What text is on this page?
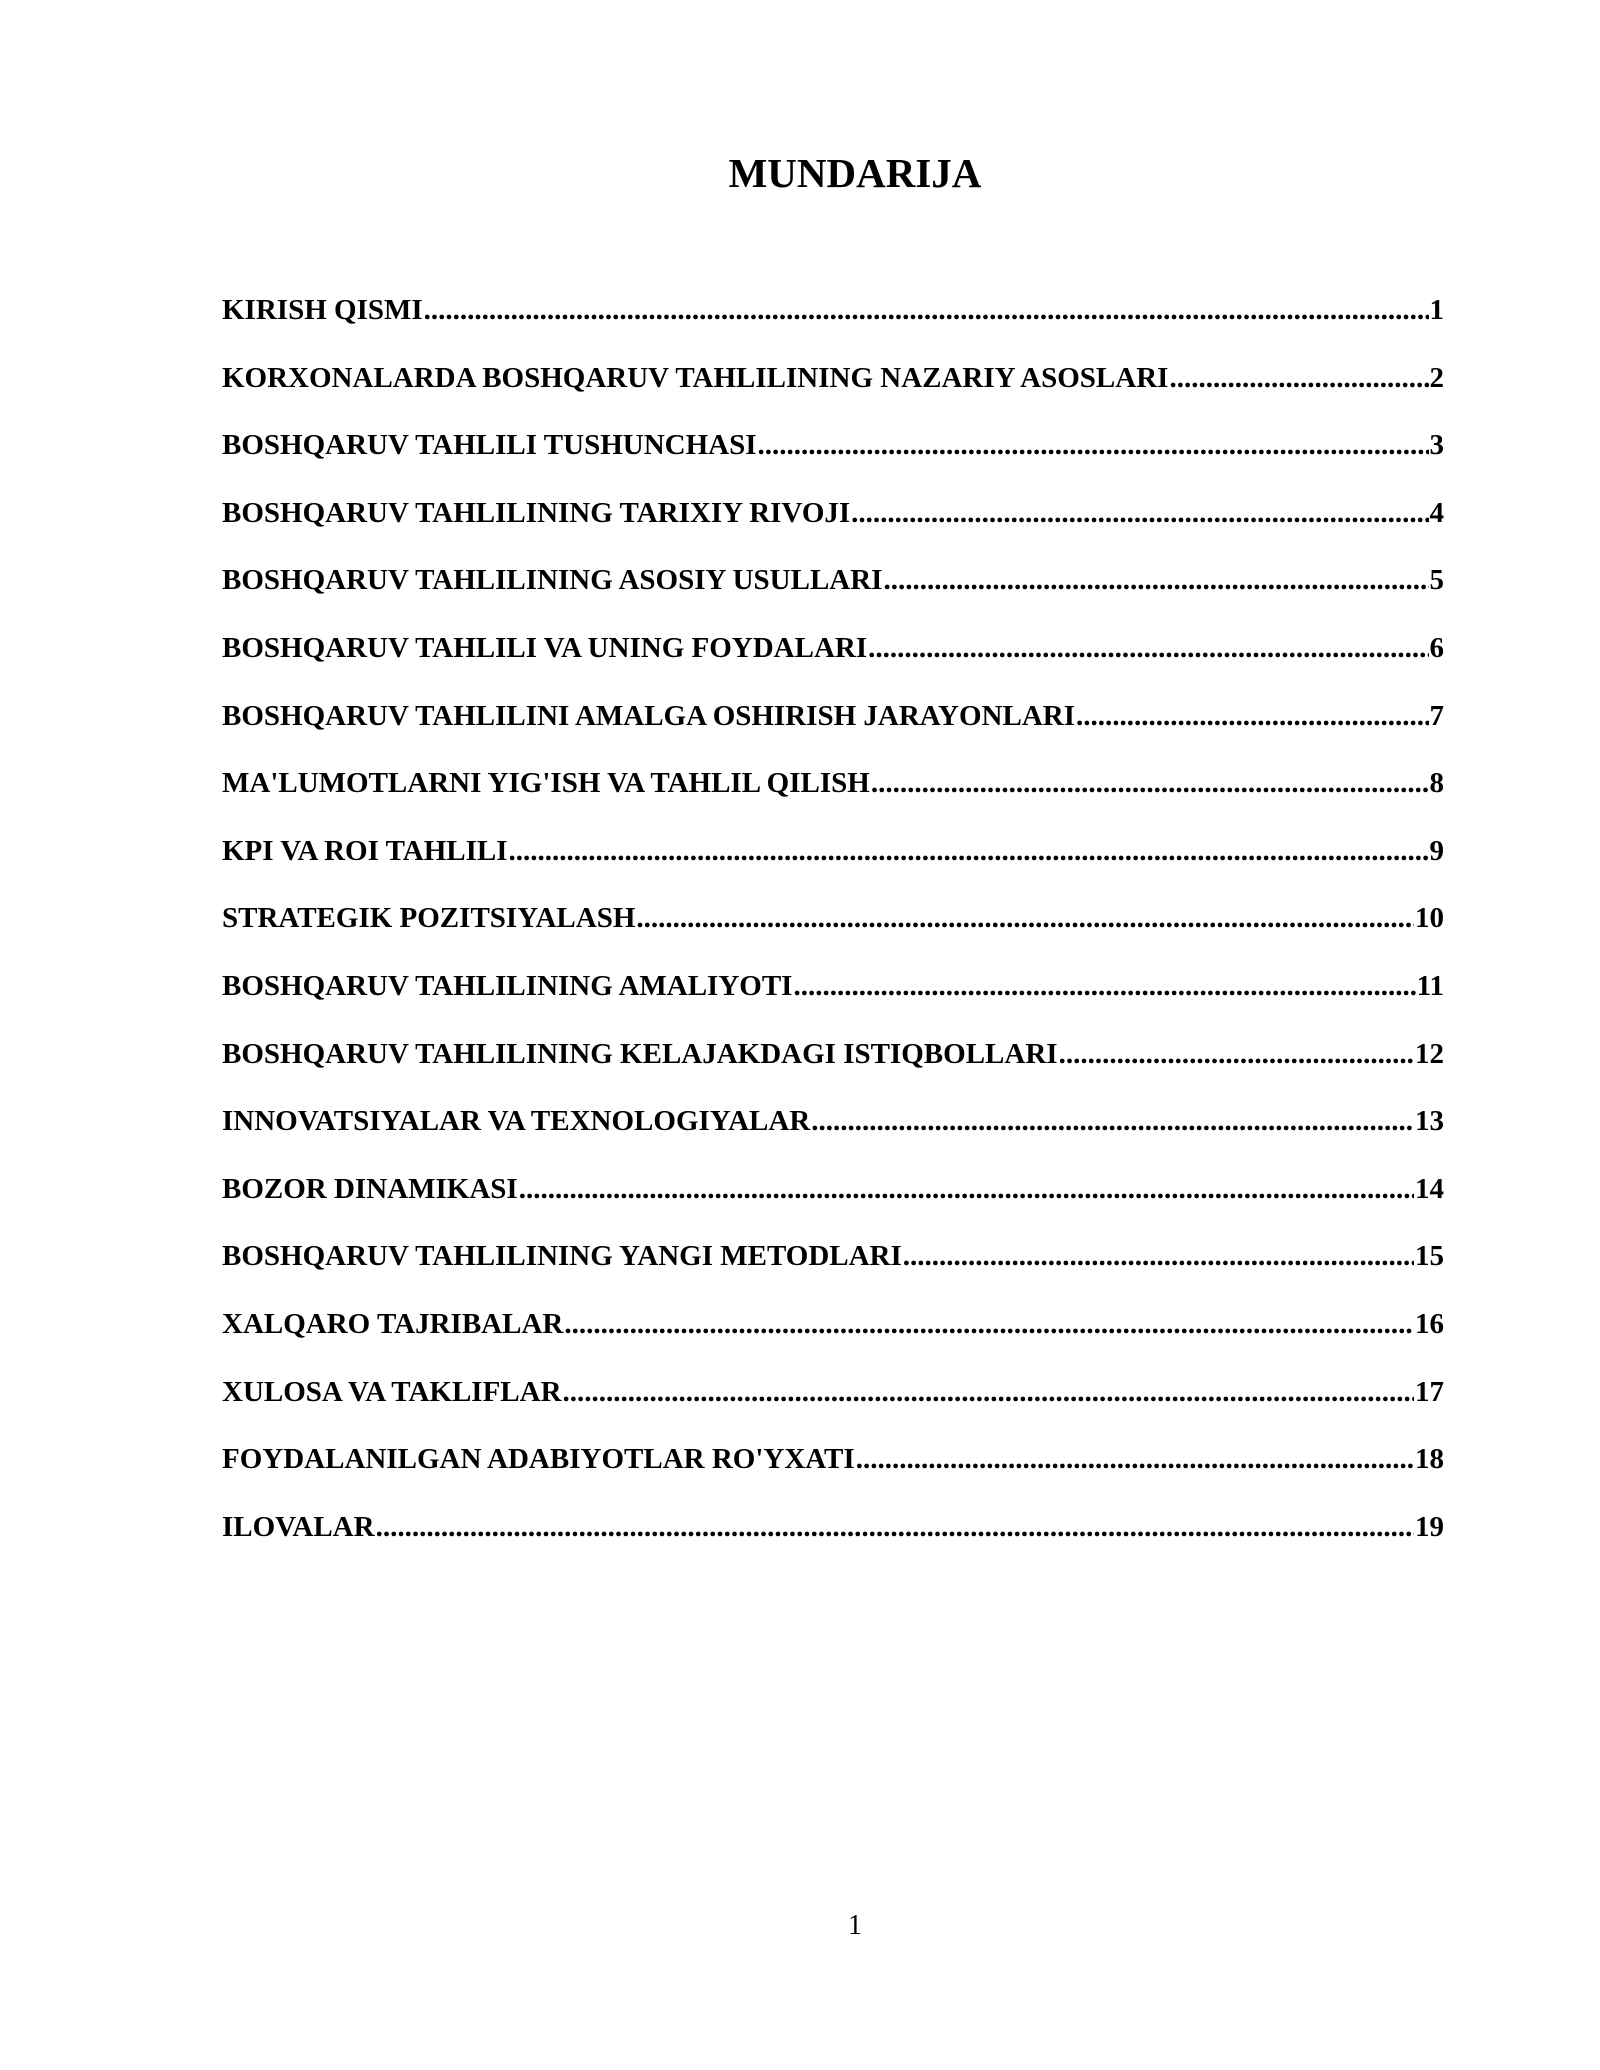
MUNDARIJA
KIRISH QISMI .....	1
KORXONALARDA BOSHQARUV TAHLILINING NAZARIY ASOSLARI .....	2
BOSHQARUV TAHLILI TUSHUNCHASI .....	3
BOSHQARUV TAHLILINING TARIXIY RIVOJI .....	4
BOSHQARUV TAHLILINING ASOSIY USULLARI .....	5
BOSHQARUV TAHLILI VA UNING FOYDALARI .....	6
BOSHQARUV TAHLILINI AMALGA OSHIRISH JARAYONLARI .....	7
MA'LUMOTLARNI YIG'ISH VA TAHLIL QILISH .....	8
KPI VA ROI TAHLILI .....	9
STRATEGIK POZITSIYALASH .....	10
BOSHQARUV TAHLILINING AMALIYOTI .....	11
BOSHQARUV TAHLILINING KELAJAKDAGI ISTIQBOLLARI .....	12
INNOVATSIYALAR VA TEXNOLOGIYALAR .....	13
BOZOR DINAMIKASI .....	14
BOSHQARUV TAHLILINING YANGI METODLARI .....	15
XALQARO TAJRIBALAR .....	16
XULOSA VA TAKLIFLAR .....	17
FOYDALANILGAN ADABIYOTLAR RO'YXATI .....	18
ILOVALAR .....	19
1
